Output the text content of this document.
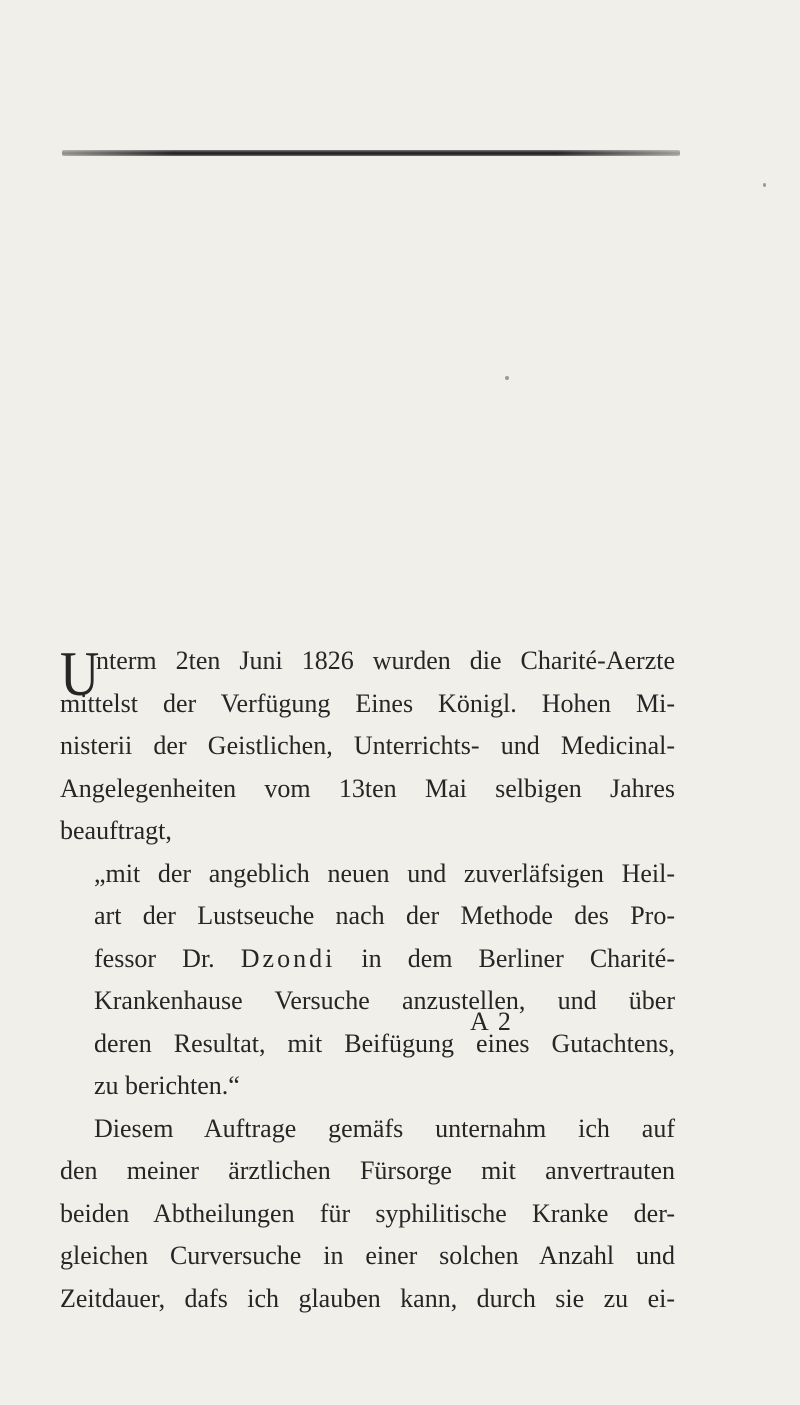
U
nterm 2ten Juni 1826 wurden die Charité-Aerzte
mittelst der Verfügung Eines Königl. Hohen Mi-
nisterii der Geistlichen, Unterrichts- und Medicinal-
Angelegenheiten vom 13ten Mai selbigen Jahres
beauftragt,
„mit der angeblich neuen und zuverläfsigen Heil-
art der Lustseuche nach der Methode des Pro-
fessor Dr. Dzondi in dem Berliner Charité-
Krankenhause Versuche anzustellen, und über
deren Resultat, mit Beifügung eines Gutachtens,
zu berichten.“
Diesem Auftrage gemäfs unternahm ich auf
den meiner ärztlichen Fürsorge mit anvertrauten
beiden Abtheilungen für syphilitische Kranke der-
gleichen Curversuche in einer solchen Anzahl und
Zeitdauer, dafs ich glauben kann, durch sie zu ei-
A 2
